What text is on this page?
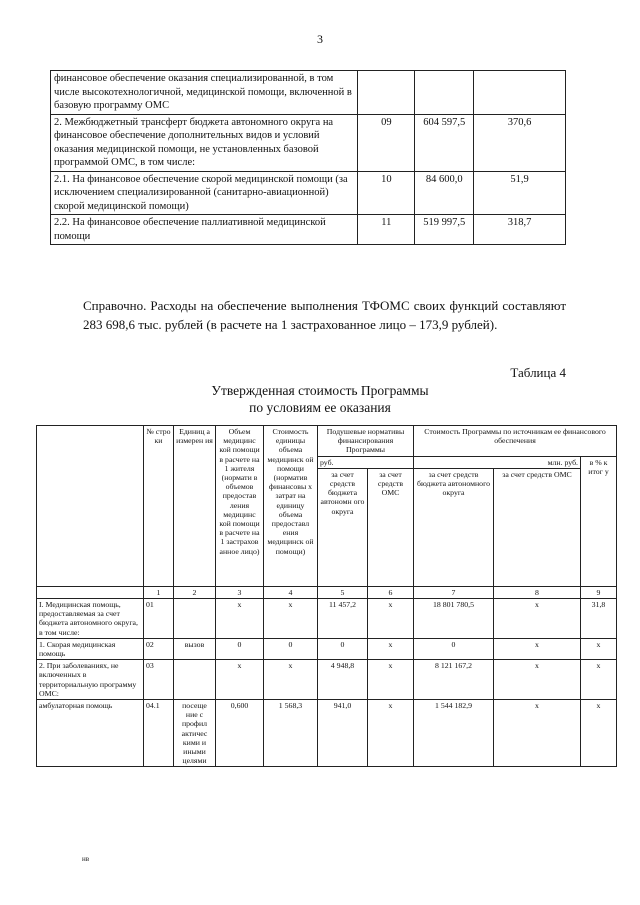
3
финансовое обеспечение оказания специализированной, в том числе высокотехнологичной, медицинской помощи, включенной в базовую программу ОМС			
2. Межбюджетный трансферт бюджета автономного округа на финансовое обеспечение дополнительных видов и условий оказания медицинской помощи, не установленных базовой программой ОМС, в том числе:	09	604 597,5	370,6
2.1. На финансовое обеспечение скорой медицинской помощи (за исключением специализированной (санитарно-авиационной) скорой медицинской помощи)	10	84 600,0	51,9
2.2. На финансовое обеспечение паллиативной медицинской помощи	11	519 997,5	318,7
Справочно. Расходы на обеспечение выполнения ТФОМС своих функций составляют 283 698,6 тыс. рублей (в расчете на 1 застрахованное лицо – 173,9 рублей).
Таблица 4
Утвержденная стоимость Программы
по условиям ее оказания
	№ стро ки	Единиц а измерен ия	Объем медицинс кой помощи в расчете на 1 жителя (нормати в объемов предостав ления медицинс кой помощи в расчете на 1 застрахов анное лицо)	Стоимость единицы объема медицинск ой помощи (норматив финансовы х затрат на единицу объема предоставл ения медицинск ой помощи)	Подушевые нормативы финансирования Программы		Стоимость Программы по источникам ее финансового обеспечения		
					руб.		млн. руб.		в % к итог у
					за счет средств бюджета автономн ого округа	за счет средств ОМС	за счет средств бюджета автономного округа	за счет средств ОМС	
	1	2	3	4	5	6	7	8	9
I. Медицинская помощь, предоставляемая за счет бюджета автономного округа, в том числе:	01		х	х	11 457,2	х	18 801 780,5	х	31,8
1. Скорая медицинская помощь	02	вызов	0	0	0	х	0	х	х
2. При заболеваниях, не включенных в территориальную программу ОМС:	03		х	х	4 948,8	х	8 121 167,2	х	х
амбулаторная помощь	04.1	посеще ние с профил актичес кими и иными целями	0,600	1 568,3	941,0	х	1 544 182,9	х	х
нв
